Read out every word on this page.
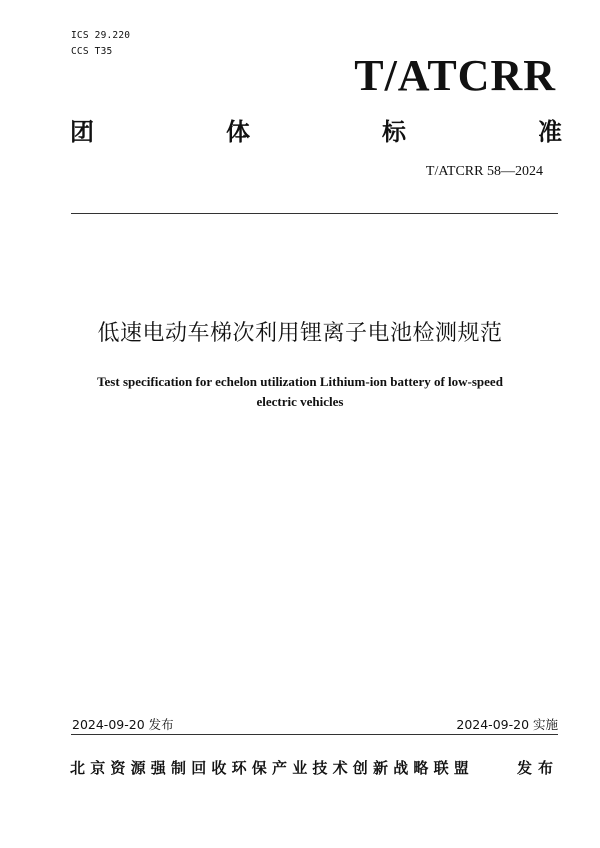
ICS 29.220
CCS T35	T/ATCRR
团	体	标	准
T/ATCRR 58—2024
低速电动车梯次利用锂离子电池检测规范
Test specification for echelon utilization Lithium-ion battery of low-speed
electric vehicles
2024-09-20 发布	2024-09-20 实施
北京资源强制回收环保产业技术创新战略联盟	发布
